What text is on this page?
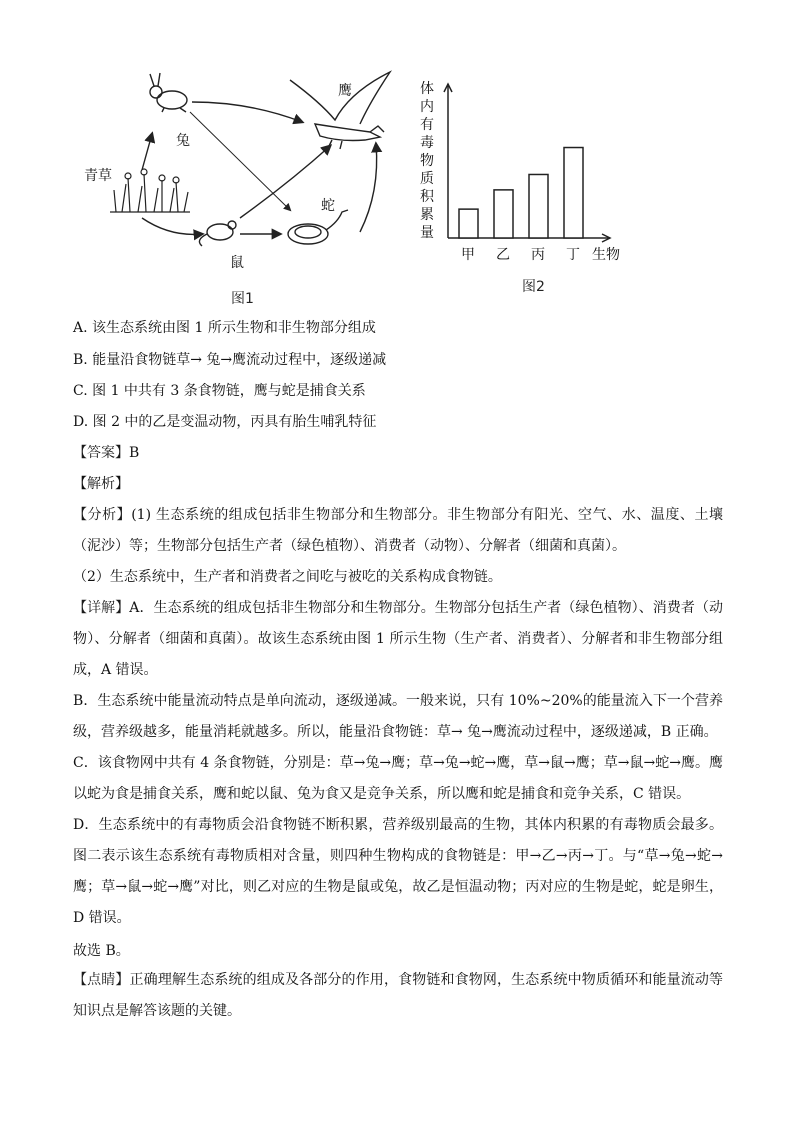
兔
鹰
青草
蛇
鼠
图1
体
内
有
毒
物
质
积
累
量
甲 乙 丙 丁 生物
图2
A. 该生态系统由图 1 所示生物和非生物部分组成
B. 能量沿食物链草→ 兔→鹰流动过程中，逐级递减
C. 图 1 中共有 3 条食物链，鹰与蛇是捕食关系
D. 图 2 中的乙是变温动物，丙具有胎生哺乳特征
【答案】B
【解析】
【分析】(1) 生态系统的组成包括非生物部分和生物部分。非生物部分有阳光、空气、水、温度、土壤（泥沙）等；生物部分包括生产者（绿色植物）、消费者（动物）、分解者（细菌和真菌）。
（2）生态系统中，生产者和消费者之间吃与被吃的关系构成食物链。
【详解】A．生态系统的组成包括非生物部分和生物部分。生物部分包括生产者（绿色植物）、消费者（动物）、分解者（细菌和真菌）。故该生态系统由图 1 所示生物（生产者、消费者）、分解者和非生物部分组成，A 错误。
B．生态系统中能量流动特点是单向流动，逐级递减。一般来说，只有 10%~20%的能量流入下一个营养级，营养级越多，能量消耗就越多。所以，能量沿食物链：草→ 兔→鹰流动过程中，逐级递减，B 正确。
C．该食物网中共有 4 条食物链，分别是：草→兔→鹰；草→兔→蛇→鹰，草→鼠→鹰；草→鼠→蛇→鹰。鹰以蛇为食是捕食关系，鹰和蛇以鼠、兔为食又是竞争关系，所以鹰和蛇是捕食和竞争关系，C 错误。
D．生态系统中的有毒物质会沿食物链不断积累，营养级别最高的生物，其体内积累的有毒物质会最多。图二表示该生态系统有毒物质相对含量，则四种生物构成的食物链是：甲→乙→丙→丁。与“草→兔→蛇→鹰；草→鼠→蛇→鹰”对比，则乙对应的生物是鼠或兔，故乙是恒温动物；丙对应的生物是蛇，蛇是卵生，D 错误。
故选 B。
【点睛】正确理解生态系统的组成及各部分的作用，食物链和食物网，生态系统中物质循环和能量流动等知识点是解答该题的关键。
